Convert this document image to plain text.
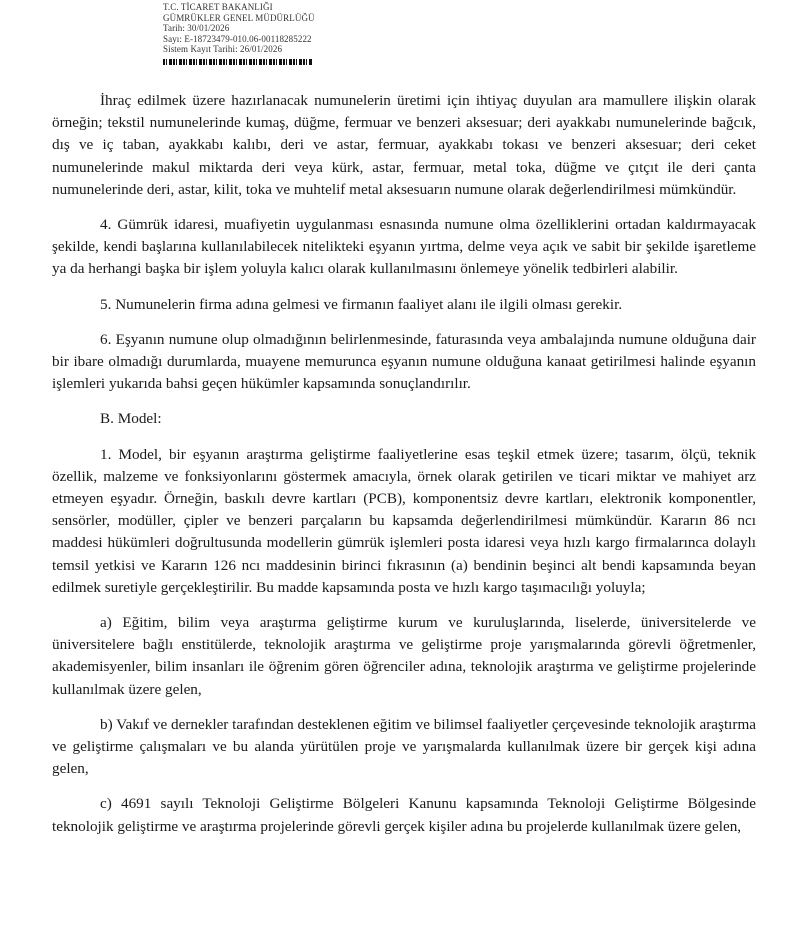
T.C. TİCARET BAKANLIĞI
GÜMRÜKLER GENEL MÜDÜRLÜĞÜ
Tarih: 30/01/2026
Sayı: E-18723479-010.06-00118285222
Sistem Kayıt Tarihi: 26/01/2026

İhraç edilmek üzere hazırlanacak numunelerin üretimi için ihtiyaç duyulan ara mamullere ilişkin olarak örneğin; tekstil numunelerinde kumaş, düğme, fermuar ve benzeri aksesuar; deri ayakkabı numunelerinde bağcık, dış ve iç taban, ayakkabı kalıbı, deri ve astar, fermuar, ayakkabı tokası ve benzeri aksesuar; deri ceket numunelerinde makul miktarda deri veya kürk, astar, fermuar, metal toka, düğme ve çıtçıt ile deri çanta numunelerinde deri, astar, kilit, toka ve muhtelif metal aksesuarın numune olarak değerlendirilmesi mümkündür.

4. Gümrük idaresi, muafiyetin uygulanması esnasında numune olma özelliklerini ortadan kaldırmayacak şekilde, kendi başlarına kullanılabilecek nitelikteki eşyanın yırtma, delme veya açık ve sabit bir şekilde işaretleme ya da herhangi başka bir işlem yoluyla kalıcı olarak kullanılmasını önlemeye yönelik tedbirleri alabilir.

5. Numunelerin firma adına gelmesi ve firmanın faaliyet alanı ile ilgili olması gerekir.

6. Eşyanın numune olup olmadığının belirlenmesinde, faturasında veya ambalajında numune olduğuna dair bir ibare olmadığı durumlarda, muayene memurunca eşyanın numune olduğuna kanaat getirilmesi halinde eşyanın işlemleri yukarıda bahsi geçen hükümler kapsamında sonuçlandırılır.

B. Model:

1. Model, bir eşyanın araştırma geliştirme faaliyetlerine esas teşkil etmek üzere; tasarım, ölçü, teknik özellik, malzeme ve fonksiyonlarını göstermek amacıyla, örnek olarak getirilen ve ticari miktar ve mahiyet arz etmeyen eşyadır. Örneğin, baskılı devre kartları (PCB), komponentsiz devre kartları, elektronik komponentler, sensörler, modüller, çipler ve benzeri parçaların bu kapsamda değerlendirilmesi mümkündür. Kararın 86 ncı maddesi hükümleri doğrultusunda modellerin gümrük işlemleri posta idaresi veya hızlı kargo firmalarınca dolaylı temsil yetkisi ve Kararın 126 ncı maddesinin birinci fıkrasının (a) bendinin beşinci alt bendi kapsamında beyan edilmek suretiyle gerçekleştirilir. Bu madde kapsamında posta ve hızlı kargo taşımacılığı yoluyla;

a) Eğitim, bilim veya araştırma geliştirme kurum ve kuruluşlarında, liselerde, üniversitelerde ve üniversitelere bağlı enstitülerde, teknolojik araştırma ve geliştirme proje yarışmalarında görevli öğretmenler, akademisyenler, bilim insanları ile öğrenim gören öğrenciler adına, teknolojik araştırma ve geliştirme projelerinde kullanılmak üzere gelen,

b) Vakıf ve dernekler tarafından desteklenen eğitim ve bilimsel faaliyetler çerçevesinde teknolojik araştırma ve geliştirme çalışmaları ve bu alanda yürütülen proje ve yarışmalarda kullanılmak üzere bir gerçek kişi adına gelen,

c) 4691 sayılı Teknoloji Geliştirme Bölgeleri Kanunu kapsamında Teknoloji Geliştirme Bölgesinde teknolojik geliştirme ve araştırma projelerinde görevli gerçek kişiler adına bu projelerde kullanılmak üzere gelen,
